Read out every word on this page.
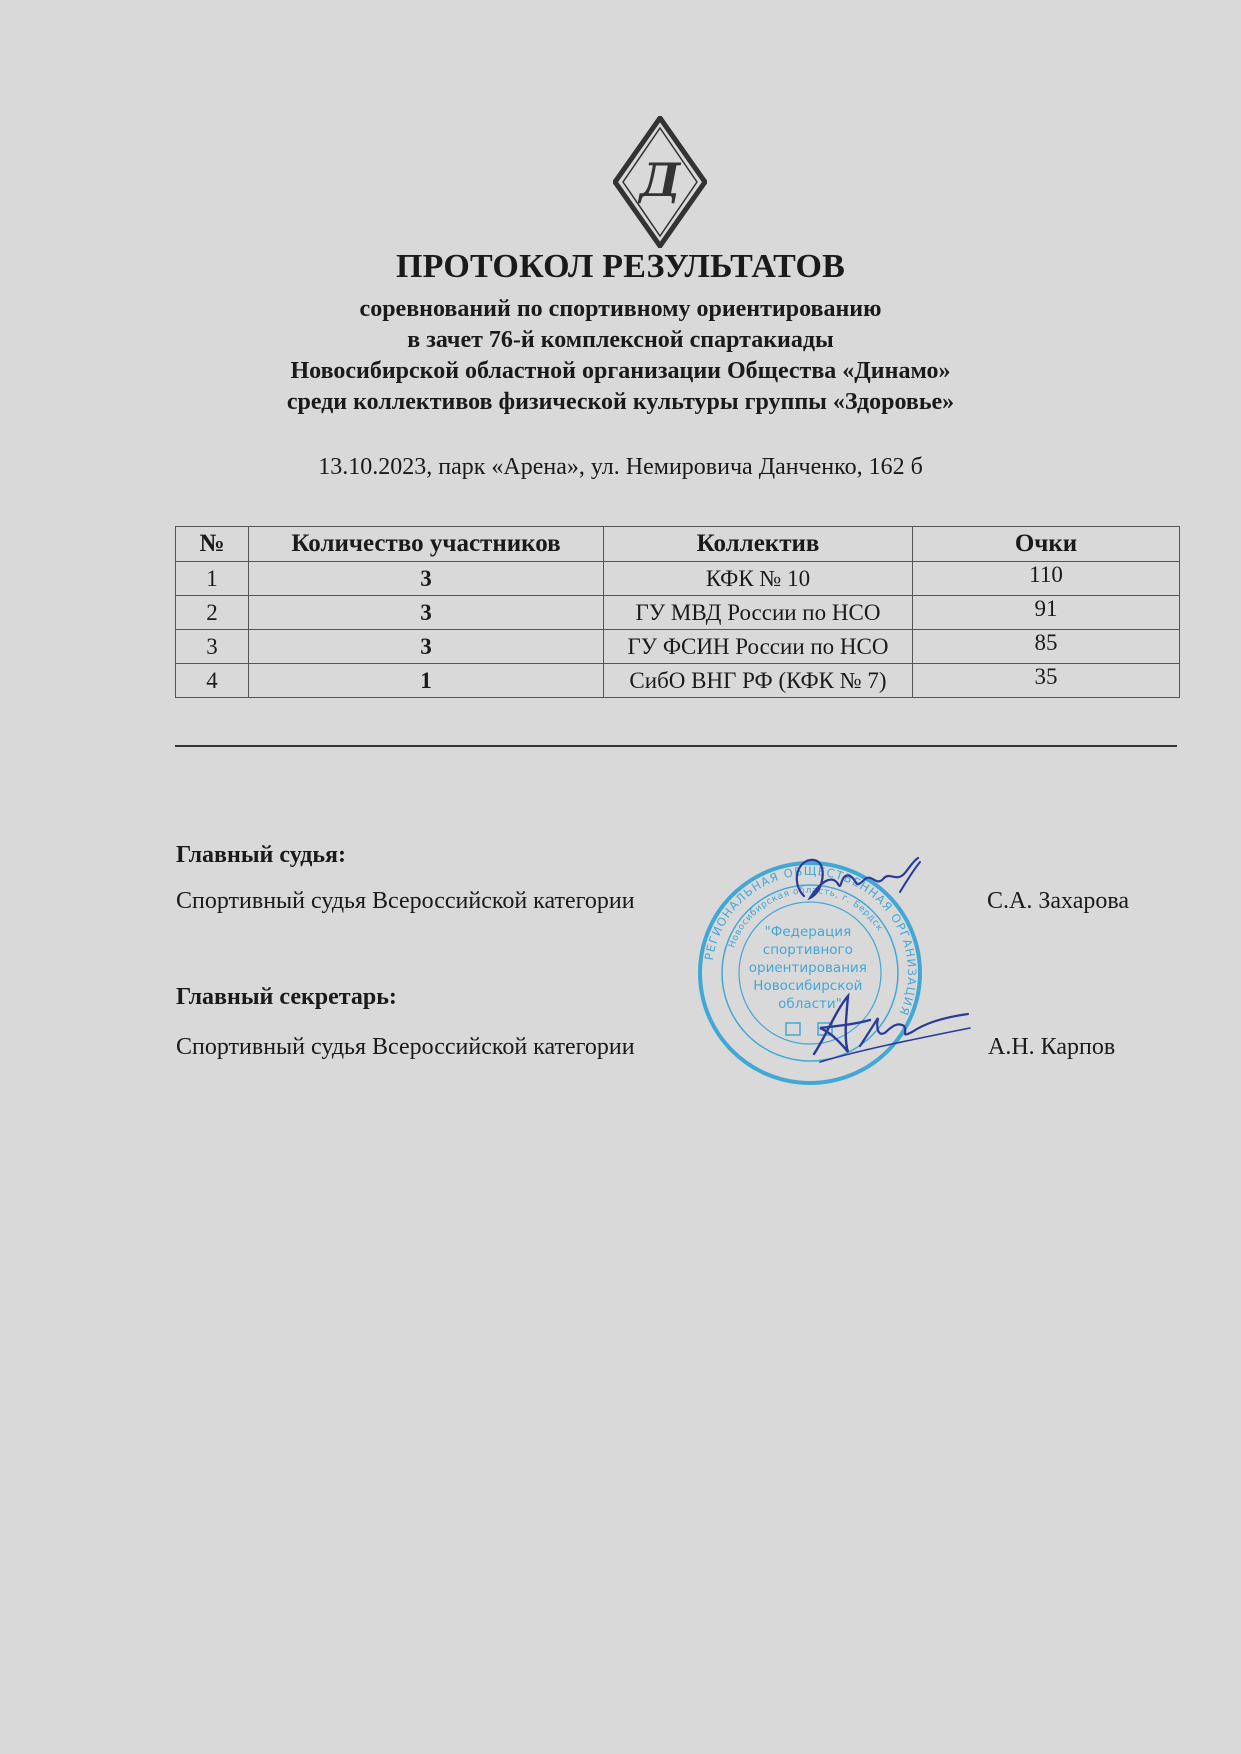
Д
ПРОТОКОЛ РЕЗУЛЬТАТОВ
соревнований по спортивному ориентированию
в зачет 76-й комплексной спартакиады
Новосибирской областной организации Общества «Динамо»
среди коллективов физической культуры группы «Здоровье»
13.10.2023, парк «Арена», ул. Немировича Данченко, 162 б
№	Количество участников	Коллектив	Очки
1	3	КФК № 10	110
2	3	ГУ МВД России по НСО	91
3	3	ГУ ФСИН России по НСО	85
4	1	СибО ВНГ РФ (КФК № 7)	35
Главный судья:
Спортивный судья Всероссийской категории	С.А. Захарова
Главный секретарь:
Спортивный судья Всероссийской категории	А.Н. Карпов
РЕГИОНАЛЬНАЯ ОБЩЕСТВЕННАЯ ОРГАНИЗАЦИЯ
Новосибирская область, г. Бердск
"Федерация спортивного ориентирования Новосибирской области"
